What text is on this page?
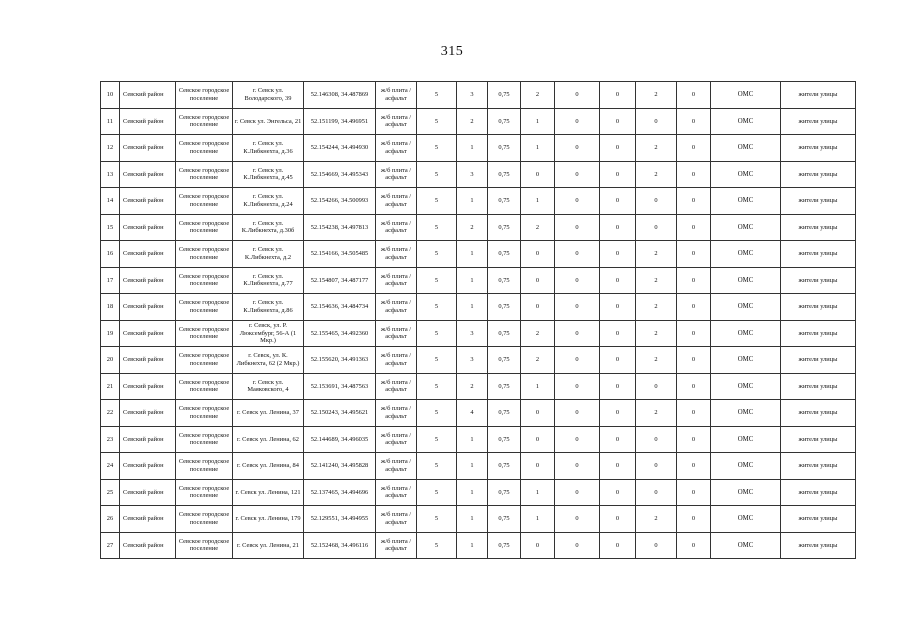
315
10	Севский район	Севское городское поселение	г. Севск ул. Володарского, 39	52.146308, 34.487869	ж/б плита /асфальт	5	3	0,75	2	0	0	2	0	ОМС	жители улицы
11	Севский район	Севское городское поселение	г. Севск ул. Энгельса, 21	52.151199, 34.496951	ж/б плита /асфальт	5	2	0,75	1	0	0	0	0	ОМС	жители улицы
12	Севский район	Севское городское поселение	г. Севск ул. К.Либкнехта, д.36	52.154244, 34.494930	ж/б плита /асфальт	5	1	0,75	1	0	0	2	0	ОМС	жители улицы
13	Севский район	Севское городское поселение	г. Севск ул. К.Либкнехта, д.45	52.154669, 34.495343	ж/б плита /асфальт	5	3	0,75	0	0	0	2	0	ОМС	жители улицы
14	Севский район	Севское городское поселение	г. Севск ул. К.Либкнехта, д.24	52.154266, 34.500993	ж/б плита /асфальт	5	1	0,75	1	0	0	0	0	ОМС	жители улицы
15	Севский район	Севское городское поселение	г. Севск ул. К.Либкнехта, д.30б	52.154238, 34.497813	ж/б плита /асфальт	5	2	0,75	2	0	0	0	0	ОМС	жители улицы
16	Севский район	Севское городское поселение	г. Севск ул. К.Либкнехта, д.2	52.154166, 34.505485	ж/б плита /асфальт	5	1	0,75	0	0	0	2	0	ОМС	жители улицы
17	Севский район	Севское городское поселение	г. Севск ул. К.Либкнехта, д.77	52.154807, 34.487177	ж/б плита /асфальт	5	1	0,75	0	0	0	2	0	ОМС	жители улицы
18	Севский район	Севское городское поселение	г. Севск ул. К.Либкнехта, д.86	52.154636, 34.484734	ж/б плита /асфальт	5	1	0,75	0	0	0	2	0	ОМС	жители улицы
19	Севский район	Севское городское поселение	г. Севск, ул. Р. Люксембург, 56-А (1 Мкр.)	52.155465, 34.492360	ж/б плита /асфальт	5	3	0,75	2	0	0	2	0	ОМС	жители улицы
20	Севский район	Севское городское поселение	г. Севск, ул. К. Либкнехта, 62 (2 Мкр.)	52.155620, 34.491363	ж/б плита /асфальт	5	3	0,75	2	0	0	2	0	ОМС	жители улицы
21	Севский район	Севское городское поселение	г. Севск ул. Маяковского, 4	52.153691, 34.487563	ж/б плита /асфальт	5	2	0,75	1	0	0	0	0	ОМС	жители улицы
22	Севский район	Севское городское поселение	г. Севск ул. Ленина, 37	52.150243, 34.495621	ж/б плита /асфальт	5	4	0,75	0	0	0	2	0	ОМС	жители улицы
23	Севский район	Севское городское поселение	г. Севск ул. Ленина, 62	52.144689, 34.496035	ж/б плита /асфальт	5	1	0,75	0	0	0	0	0	ОМС	жители улицы
24	Севский район	Севское городское поселение	г. Севск ул. Ленина, 84	52.141240, 34.495828	ж/б плита /асфальт	5	1	0,75	0	0	0	0	0	ОМС	жители улицы
25	Севский район	Севское городское поселение	г. Севск ул. Ленина, 121	52.137465, 34.494696	ж/б плита /асфальт	5	1	0,75	1	0	0	0	0	ОМС	жители улицы
26	Севский район	Севское городское поселение	г. Севск ул. Ленина, 179	52.129551, 34.494955	ж/б плита /асфальт	5	1	0,75	1	0	0	2	0	ОМС	жители улицы
27	Севский район	Севское городское поселение	г. Севск ул. Ленина, 21	52.152468, 34.496116	ж/б плита /асфальт	5	1	0,75	0	0	0	0	0	ОМС	жители улицы
